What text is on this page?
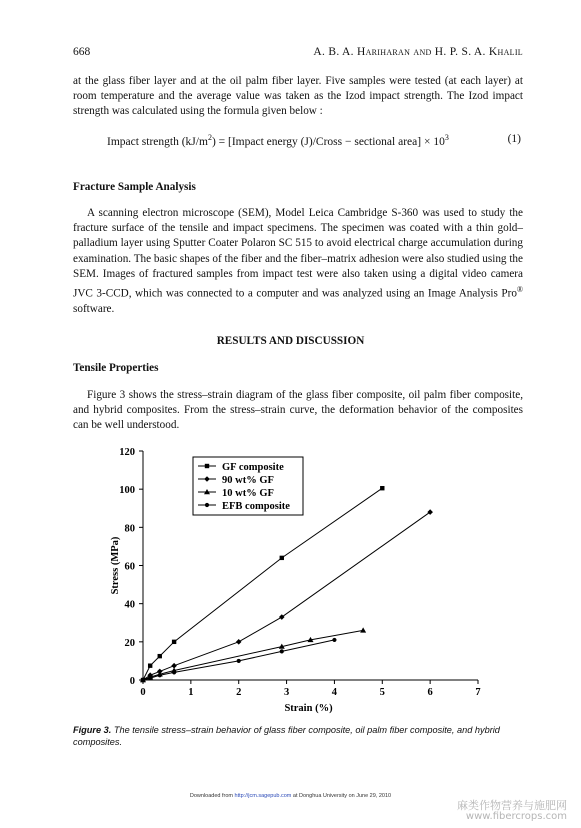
668	A. B. A. Hariharan and H. P. S. A. Khalil

at the glass fiber layer and at the oil palm fiber layer. Five samples were tested (at each layer) at room temperature and the average value was taken as the Izod impact strength. The Izod impact strength was calculated using the formula given below :

Impact strength $(kJ/m^2)$ = [Impact energy (J)/Cross − sectional area] × $10^3$	(1)
Fracture Sample Analysis

A scanning electron microscope (SEM), Model Leica Cambridge S-360 was used to study the fracture surface of the tensile and impact specimens. The specimen was coated with a thin gold–palladium layer using Sputter Coater Polaron SC 515 to avoid electrical charge accumulation during examination. The basic shapes of the fiber and the fiber–matrix adhesion were also studied using the SEM. Images of fractured samples from impact test were also taken using a digital video camera JVC 3-CCD, which was connected to a computer and was analyzed using an Image Analysis Pro® software.

RESULTS AND DISCUSSION
Tensile Properties

Figure 3 shows the stress–strain diagram of the glass fiber composite, oil palm fiber composite, and hybrid composites. From the stress–strain curve, the deformation behavior of the composites can be well understood.

0	1	2	3	4	5	6	7
0
20
40
60
80
100
120
Strain (%)
Stress (MPa)
GF composite
90 wt% GF
10 wt% GF
EFB composite
Figure 3. The tensile stress–strain behavior of glass fiber composite, oil palm fiber composite, and hybrid composites.
Downloaded from http://jcm.sagepub.com at Donghua University on June 29, 2010
麻类作物营养与施肥网
www.fibercrops.com
